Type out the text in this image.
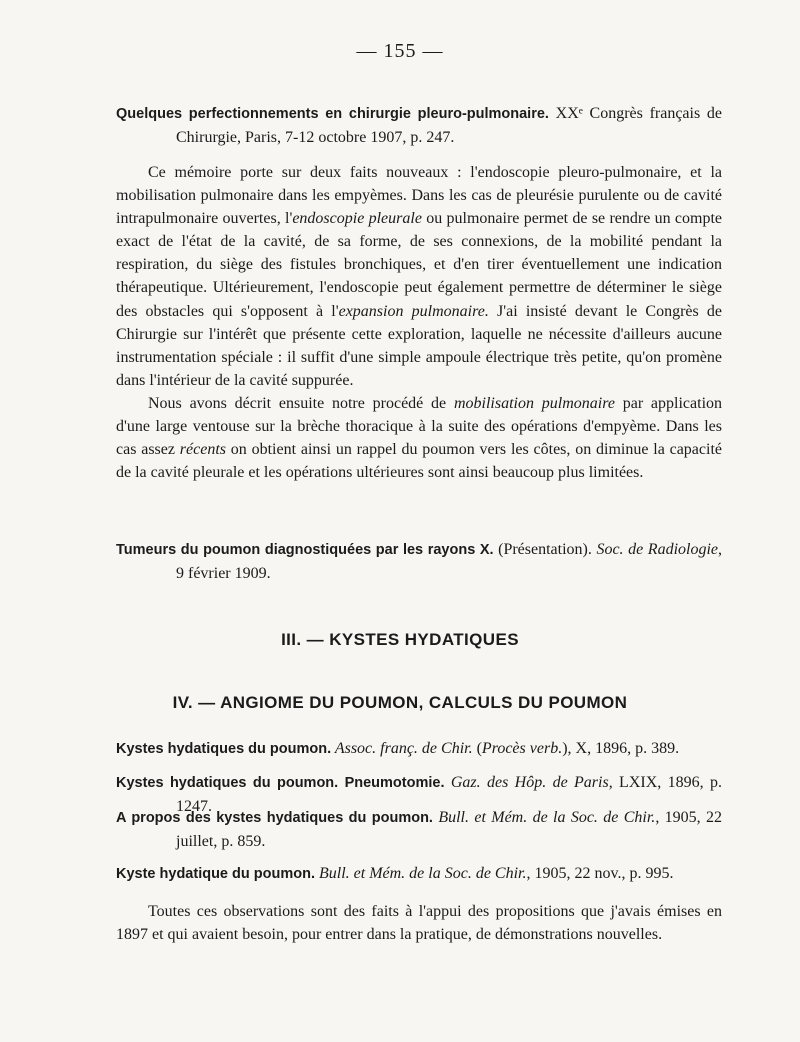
— 155 —
Quelques perfectionnements en chirurgie pleuro-pulmonaire. XXᵉ Congrès français de Chirurgie, Paris, 7-12 octobre 1907, p. 247.

Ce mémoire porte sur deux faits nouveaux : l'endoscopie pleuro-pulmonaire, et la mobilisation pulmonaire dans les empyèmes. Dans les cas de pleurésie purulente ou de cavité intrapulmonaire ouvertes, l'endoscopie pleurale ou pulmonaire permet de se rendre un compte exact de l'état de la cavité, de sa forme, de ses connexions, de la mobilité pendant la respiration, du siège des fistules bronchiques, et d'en tirer éventuellement une indication thérapeutique. Ultérieurement, l'endoscopie peut également permettre de déterminer le siège des obstacles qui s'opposent à l'expansion pulmonaire. J'ai insisté devant le Congrès de Chirurgie sur l'intérêt que présente cette exploration, laquelle ne nécessite d'ailleurs aucune instrumentation spéciale : il suffit d'une simple ampoule électrique très petite, qu'on promène dans l'intérieur de la cavité suppurée.

Nous avons décrit ensuite notre procédé de mobilisation pulmonaire par application d'une large ventouse sur la brèche thoracique à la suite des opérations d'empyème. Dans les cas assez récents on obtient ainsi un rappel du poumon vers les côtes, on diminue la capacité de la cavité pleurale et les opérations ultérieures sont ainsi beaucoup plus limitées.

Tumeurs du poumon diagnostiquées par les rayons X. (Présentation). Soc. de Radiologie, 9 février 1909.
III. — KYSTES HYDATIQUES
IV. — ANGIOME DU POUMON, CALCULS DU POUMON
Kystes hydatiques du poumon. Assoc. franç. de Chir. (Procès verb.), X, 1896, p. 389.
Kystes hydatiques du poumon. Pneumotomie. Gaz. des Hôp. de Paris, LXIX, 1896, p. 1247.
A propos des kystes hydatiques du poumon. Bull. et Mém. de la Soc. de Chir., 1905, 22 juillet, p. 859.
Kyste hydatique du poumon. Bull. et Mém. de la Soc. de Chir., 1905, 22 nov., p. 995.

Toutes ces observations sont des faits à l'appui des propositions que j'avais émises en 1897 et qui avaient besoin, pour entrer dans la pratique, de démonstrations nouvelles.
